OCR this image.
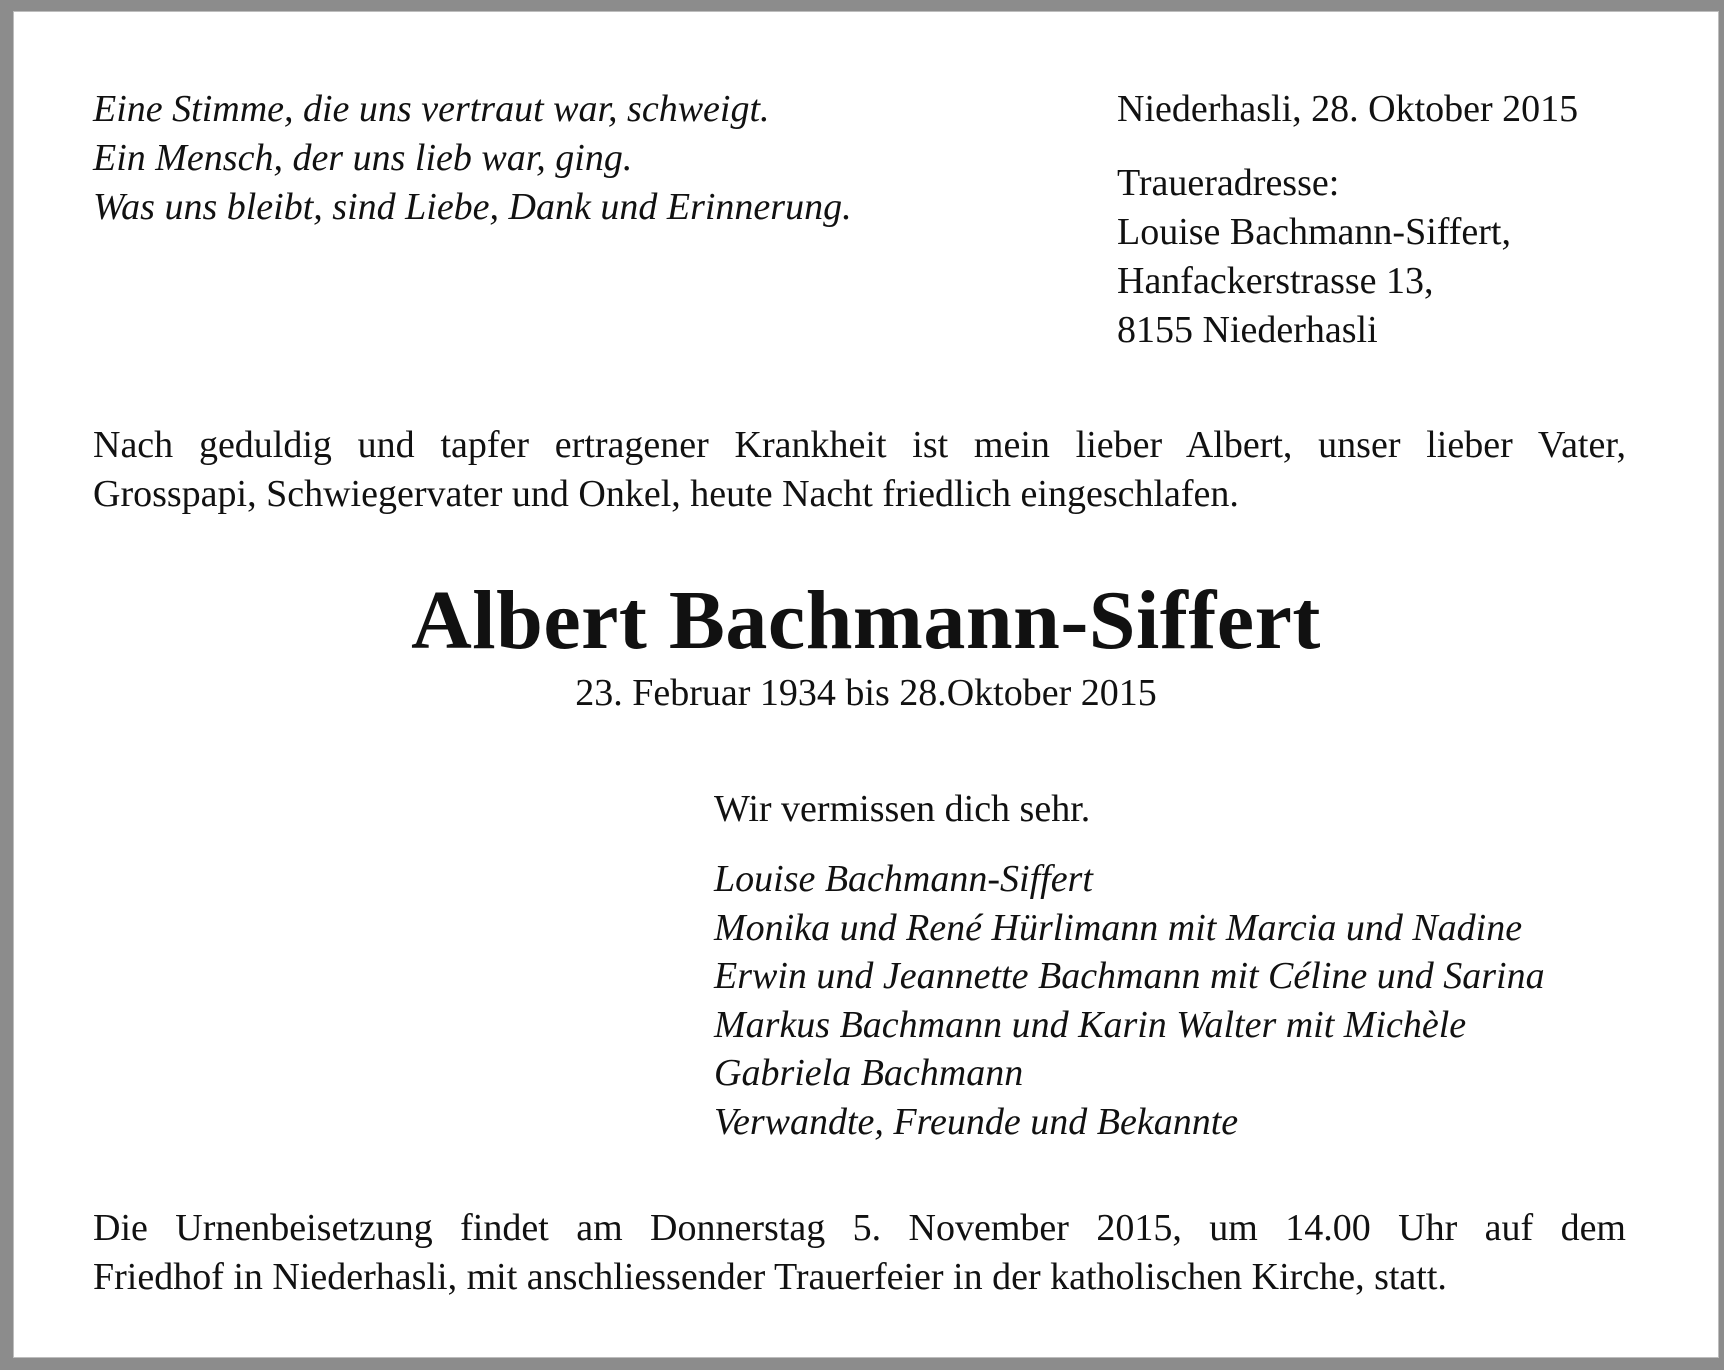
Eine Stimme, die uns vertraut war, schweigt.
Ein Mensch, der uns lieb war, ging.
Was uns bleibt, sind Liebe, Dank und Erinnerung.
Niederhasli, 28. Oktober 2015
Traueradresse:
Louise Bachmann-Siffert,
Hanfackerstrasse 13,
8155 Niederhasli
Nach geduldig und tapfer ertragener Krankheit ist mein lieber Albert, unser lieber Vater,
Grosspapi, Schwiegervater und Onkel, heute Nacht friedlich eingeschlafen.
Albert Bachmann-Siffert
23. Februar 1934 bis 28.Oktober 2015
Wir vermissen dich sehr.
Louise Bachmann-Siffert
Monika und René Hürlimann mit Marcia und Nadine
Erwin und Jeannette Bachmann mit Céline und Sarina
Markus Bachmann und Karin Walter mit Michèle
Gabriela Bachmann
Verwandte, Freunde und Bekannte
Die Urnenbeisetzung findet am Donnerstag 5. November 2015, um 14.00 Uhr auf dem
Friedhof in Niederhasli, mit anschliessender Trauerfeier in der katholischen Kirche, statt.
